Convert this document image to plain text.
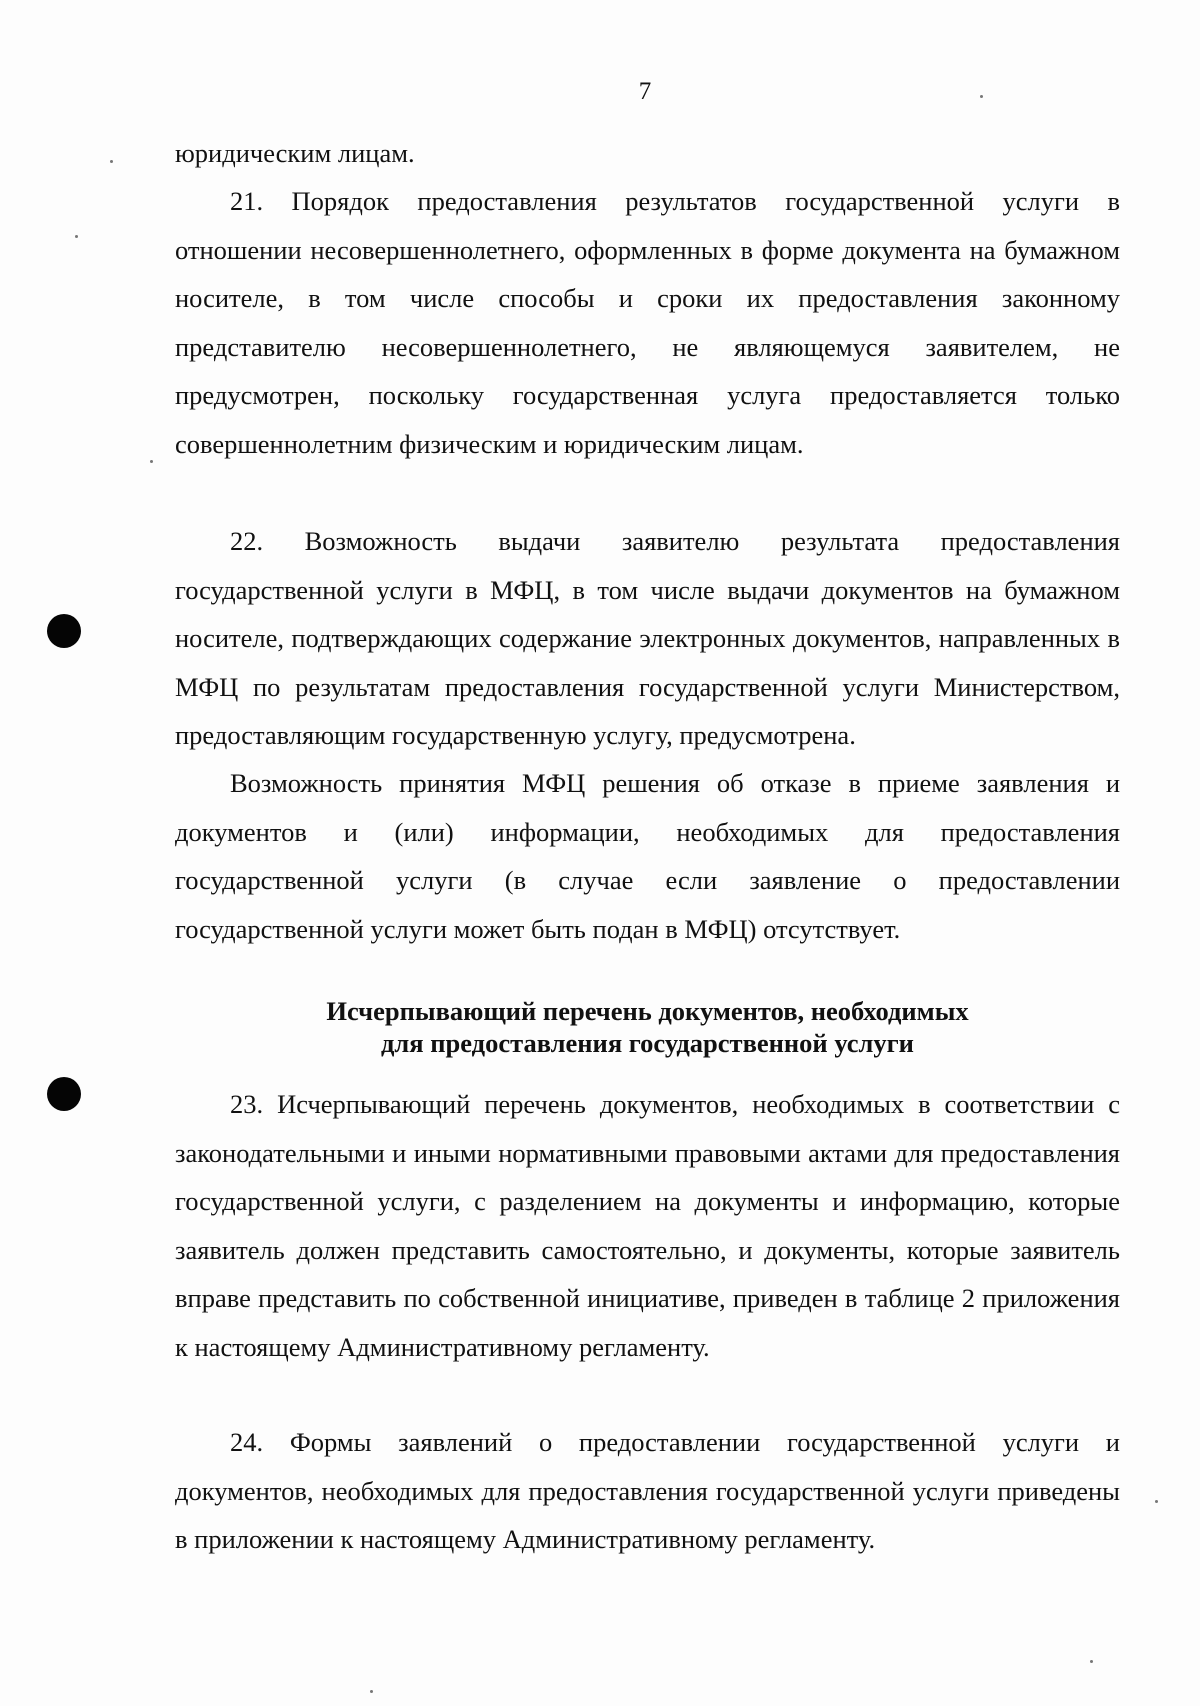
7

юридическим лицам.

21. Порядок предоставления результатов государственной услуги в отношении несовершеннолетнего, оформленных в форме документа на бумажном носителе, в том числе способы и сроки их предоставления законному представителю несовершеннолетнего, не являющемуся заявителем, не предусмотрен, поскольку государственная услуга предоставляется только совершеннолетним физическим и юридическим лицам.

22. Возможность выдачи заявителю результата предоставления государственной услуги в МФЦ, в том числе выдачи документов на бумажном носителе, подтверждающих содержание электронных документов, направленных в МФЦ по результатам предоставления государственной услуги Министерством, предоставляющим государственную услугу, предусмотрена.

Возможность принятия МФЦ решения об отказе в приеме заявления и документов и (или) информации, необходимых для предоставления государственной услуги (в случае если заявление о предоставлении государственной услуги может быть подан в МФЦ) отсутствует.

Исчерпывающий перечень документов, необходимых
для предоставления государственной услуги

23. Исчерпывающий перечень документов, необходимых в соответствии с законодательными и иными нормативными правовыми актами для предоставления государственной услуги, с разделением на документы и информацию, которые заявитель должен представить самостоятельно, и документы, которые заявитель вправе представить по собственной инициативе, приведен в таблице 2 приложения к настоящему Административному регламенту.

24. Формы заявлений о предоставлении государственной услуги и документов, необходимых для предоставления государственной услуги приведены в приложении к настоящему Административному регламенту.
